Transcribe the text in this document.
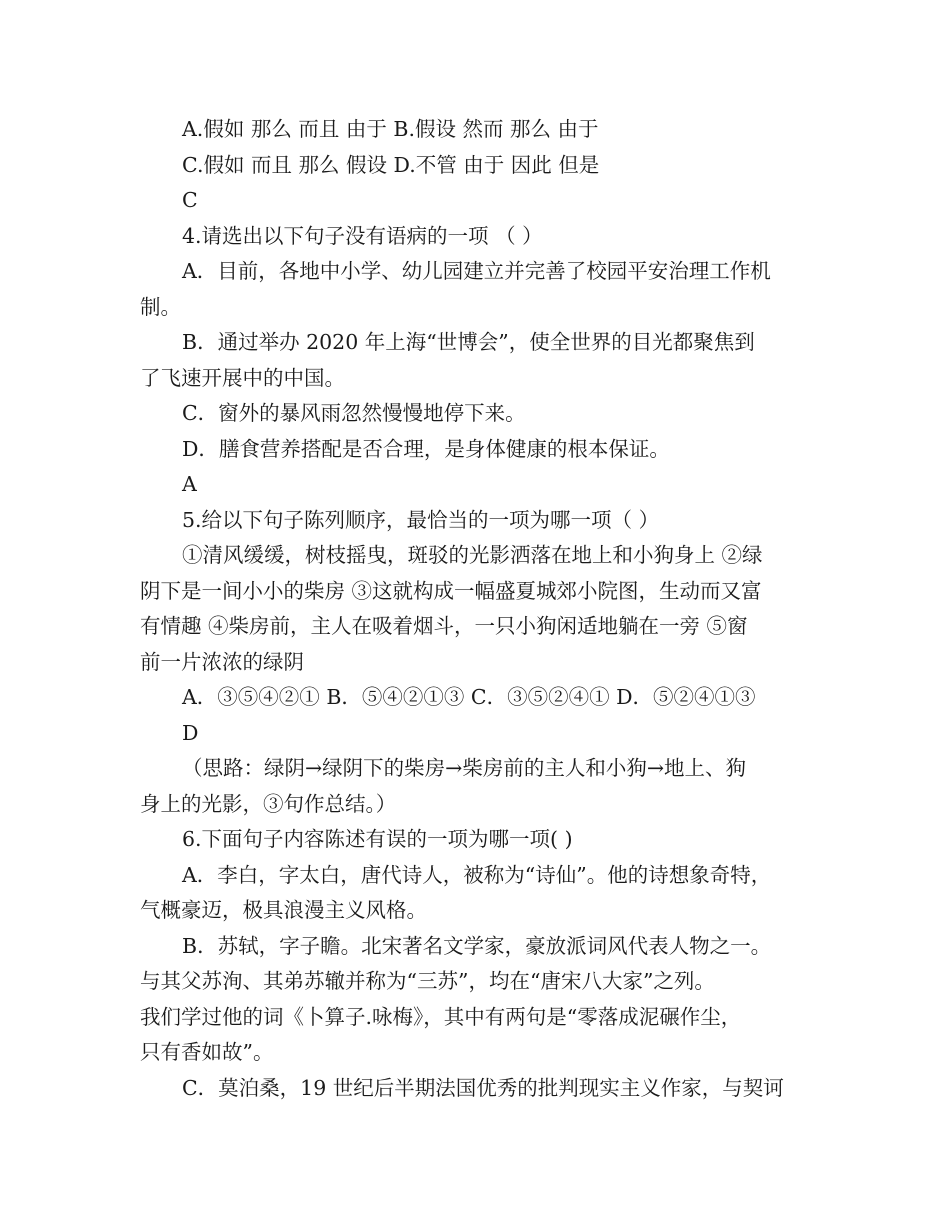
A.假如 那么 而且 由于 B.假设 然而 那么 由于
C.假如 而且 那么 假设 D.不管 由于 因此 但是
C
4.请选出以下句子没有语病的一项 （ ）
A．目前，各地中小学、幼儿园建立并完善了校园平安治理工作机
制。
B．通过举办 2020 年上海“世博会”，使全世界的目光都聚焦到
了飞速开展中的中国。
C．窗外的暴风雨忽然慢慢地停下来。
D．膳食营养搭配是否合理，是身体健康的根本保证。
A
5.给以下句子陈列顺序，最恰当的一项为哪一项（ ）
①清风缓缓，树枝摇曳，斑驳的光影洒落在地上和小狗身上 ②绿
阴下是一间小小的柴房 ③这就构成一幅盛夏城郊小院图，生动而又富
有情趣 ④柴房前，主人在吸着烟斗，一只小狗闲适地躺在一旁 ⑤窗
前一片浓浓的绿阴
A．③⑤④②① B．⑤④②①③ C．③⑤②④① D．⑤②④①③
D
（思路：绿阴→绿阴下的柴房→柴房前的主人和小狗→地上、狗
身上的光影，③句作总结。）
6.下面句子内容陈述有误的一项为哪一项( )
A．李白，字太白，唐代诗人，被称为“诗仙”。他的诗想象奇特，
气概豪迈，极具浪漫主义风格。
B．苏轼，字子瞻。北宋著名文学家，豪放派词风代表人物之一。
与其父苏洵、其弟苏辙并称为“三苏”，均在“唐宋八大家”之列。
我们学过他的词《卜算子.咏梅》，其中有两句是“零落成泥碾作尘，
只有香如故”。
C．莫泊桑，19 世纪后半期法国优秀的批判现实主义作家，与契诃
